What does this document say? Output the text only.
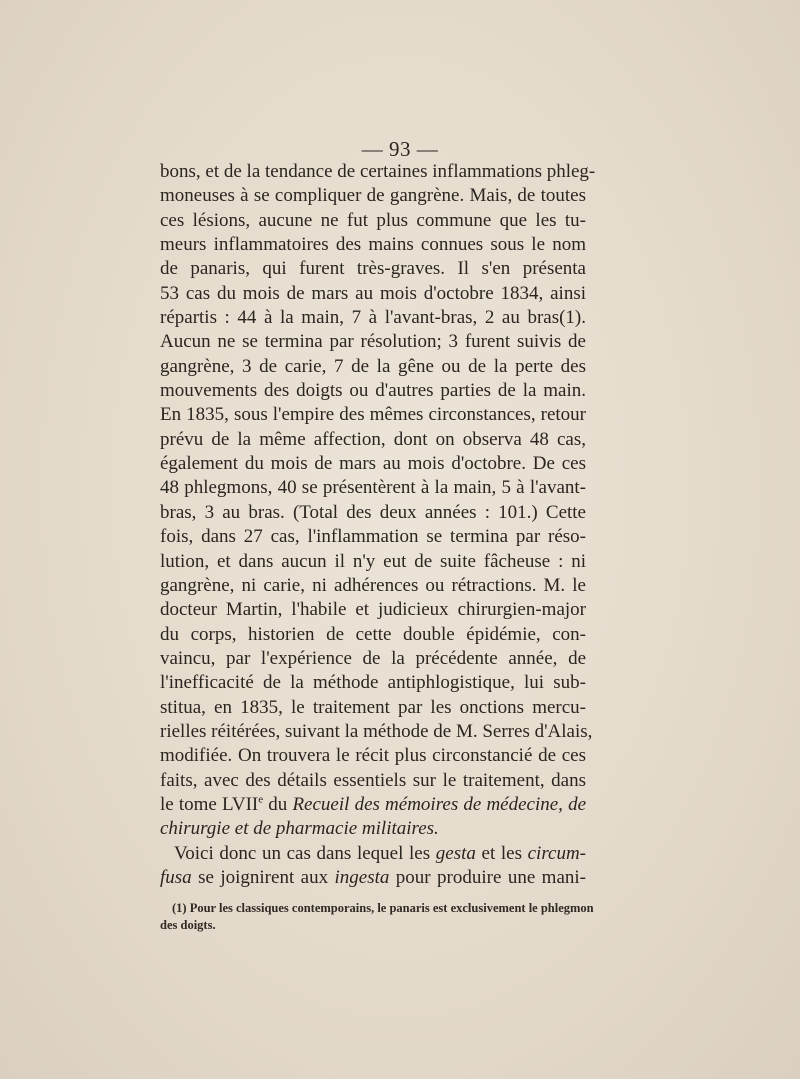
— 93 —
bons, et de la tendance de certaines inflammations phleg-
moneuses à se compliquer de gangrène. Mais, de toutes
ces lésions, aucune ne fut plus commune que les tu-
meurs inflammatoires des mains connues sous le nom
de panaris, qui furent très-graves. Il s'en présenta
53 cas du mois de mars au mois d'octobre 1834, ainsi
répartis : 44 à la main, 7 à l'avant-bras, 2 au bras(1).
Aucun ne se termina par résolution; 3 furent suivis de
gangrène, 3 de carie, 7 de la gêne ou de la perte des
mouvements des doigts ou d'autres parties de la main.
En 1835, sous l'empire des mêmes circonstances, retour
prévu de la même affection, dont on observa 48 cas,
également du mois de mars au mois d'octobre. De ces
48 phlegmons, 40 se présentèrent à la main, 5 à l'avant-
bras, 3 au bras. (Total des deux années : 101.) Cette
fois, dans 27 cas, l'inflammation se termina par réso-
lution, et dans aucun il n'y eut de suite fâcheuse : ni
gangrène, ni carie, ni adhérences ou rétractions. M. le
docteur Martin, l'habile et judicieux chirurgien-major
du corps, historien de cette double épidémie, con-
vaincu, par l'expérience de la précédente année, de
l'inefficacité de la méthode antiphlogistique, lui sub-
stitua, en 1835, le traitement par les onctions mercu-
rielles réitérées, suivant la méthode de M. Serres d'Alais,
modifiée. On trouvera le récit plus circonstancié de ces
faits, avec des détails essentiels sur le traitement, dans
le tome LVIIe du Recueil des mémoires de médecine, de
chirurgie et de pharmacie militaires.
Voici donc un cas dans lequel les gesta et les circum-
fusa se joignirent aux ingesta pour produire une mani-
(1) Pour les classiques contemporains, le panaris est exclusivement le phlegmon
des doigts.
